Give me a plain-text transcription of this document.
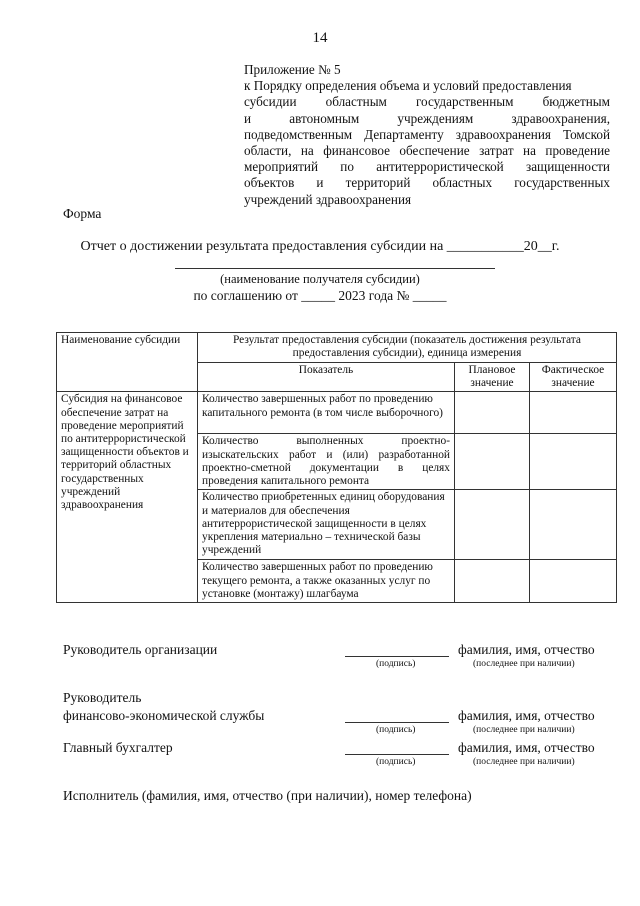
14
Приложение № 5
к Порядку определения объема и условий предоставления
субсидии областным государственным бюджетным
и автономным учреждениям здравоохранения,
подведомственным Департаменту здравоохранения Томской
области, на финансовое обеспечение затрат на проведение
мероприятий по антитеррористической защищенности
объектов и территорий областных государственных
учреждений здравоохранения
Форма
Отчет о достижении результата предоставления субсидии на ___________20__г.
(наименование получателя субсидии)
по соглашению от _____ 2023 года № _____
Наименование субсидии	Результат предоставления субсидии (показатель достижения результата предоставления субсидии), единица измерения		
	Показатель	Плановое значение	Фактическое значение
Субсидия на финансовое обеспечение затрат на проведение мероприятий по антитеррористической защищенности объектов и территорий областных государственных учреждений здравоохранения	Количество завершенных работ по проведению капитального ремонта (в том числе выборочного)		
	Количество выполненных проектно-изыскательских работ и (или) разработанной проектно-сметной документации в целях проведения капитального ремонта		
	Количество приобретенных единиц оборудования и материалов для обеспечения антитеррористической защищенности в целях укрепления материально – технической базы учреждений		
	Количество завершенных работ по проведению текущего ремонта, а также оказанных услуг по установке (монтажу) шлагбаума		
Руководитель организации
(подпись)
фамилия, имя, отчество
(последнее при наличии)
Руководитель
финансово-экономической службы
(подпись)
фамилия, имя, отчество
(последнее при наличии)
Главный бухгалтер
(подпись)
фамилия, имя, отчество
(последнее при наличии)
Исполнитель (фамилия, имя, отчество (при наличии), номер телефона)
